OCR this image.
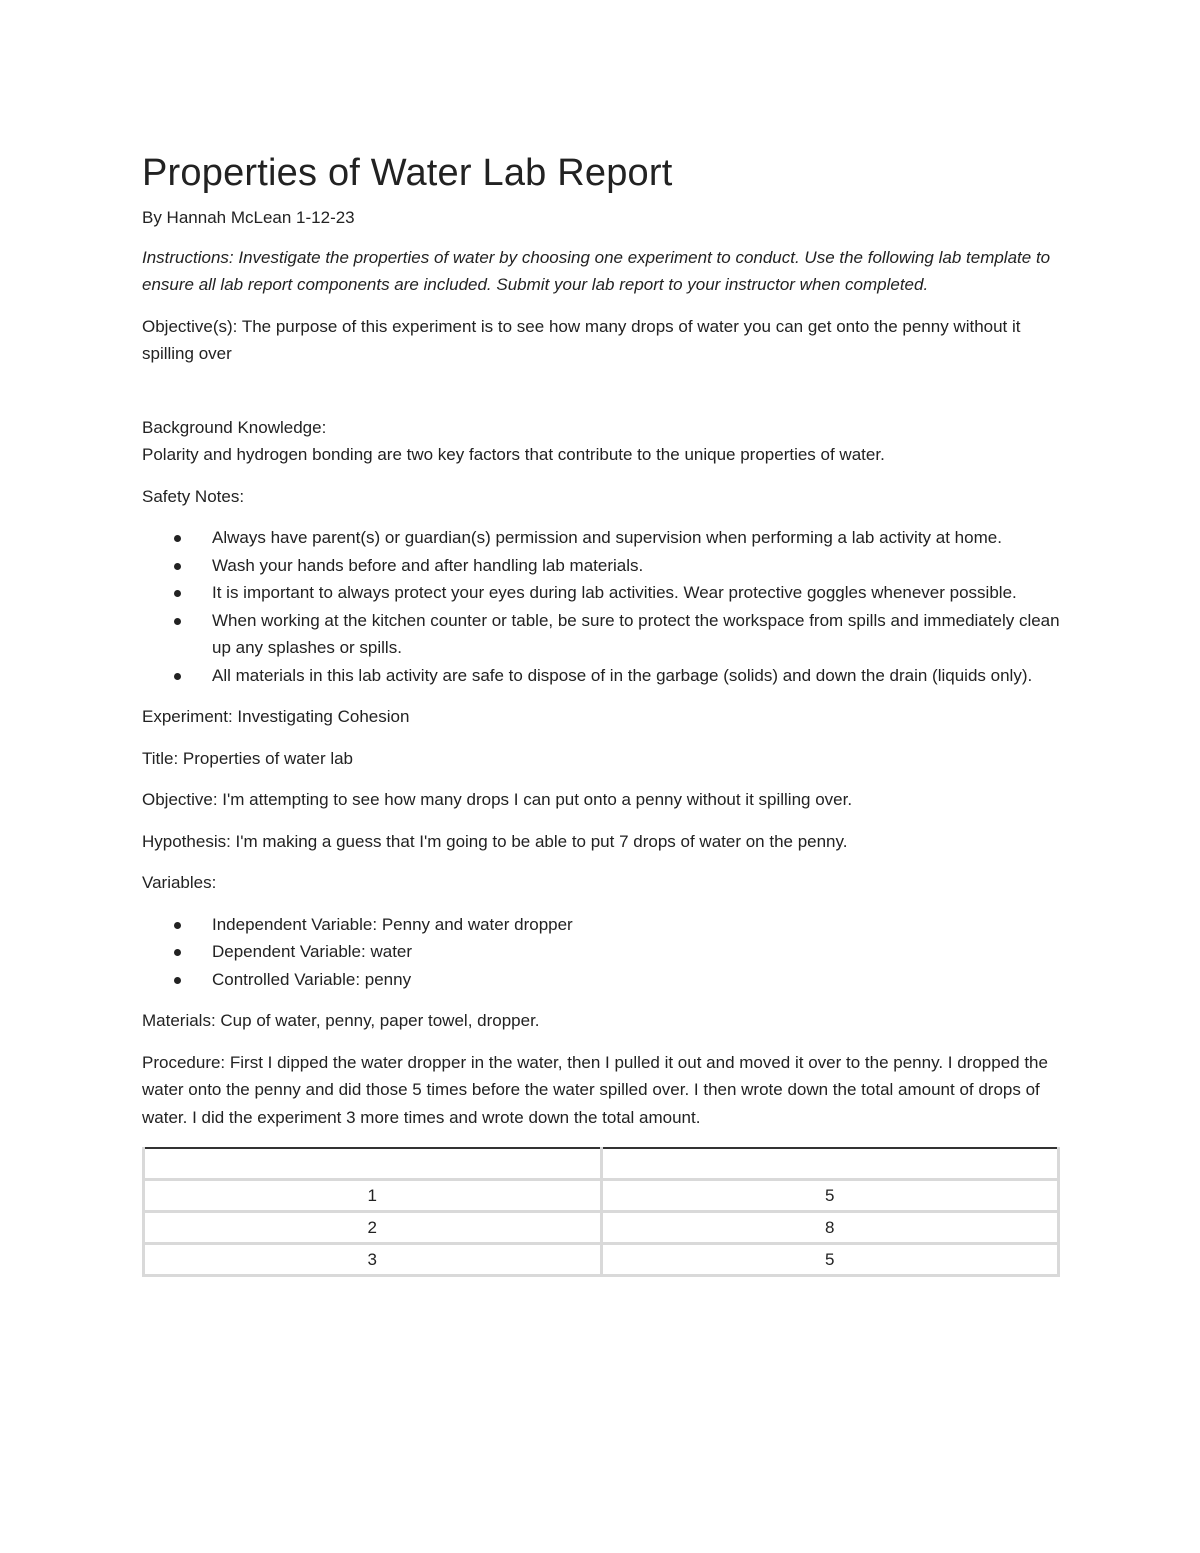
Properties of Water Lab Report

By Hannah McLean 1-12-23

Instructions: Investigate the properties of water by choosing one experiment to conduct. Use the following lab template to ensure all lab report components are included. Submit your lab report to your instructor when completed.

Objective(s): The purpose of this experiment is to see how many drops of water you can get onto the penny without it spilling over

Background Knowledge:
Polarity and hydrogen bonding are two key factors that contribute to the unique properties of water.

Safety Notes:

Always have parent(s) or guardian(s) permission and supervision when performing a lab activity at home.
Wash your hands before and after handling lab materials.
It is important to always protect your eyes during lab activities. Wear protective goggles whenever possible.
When working at the kitchen counter or table, be sure to protect the workspace from spills and immediately clean up any splashes or spills.
All materials in this lab activity are safe to dispose of in the garbage (solids) and down the drain (liquids only).

Experiment: Investigating Cohesion

Title: Properties of water lab

Objective: I'm attempting to see how many drops I can put onto a penny without it spilling over.

Hypothesis: I'm making a guess that I'm going to be able to put 7 drops of water on the penny.

Variables:

Independent Variable: Penny and water dropper
Dependent Variable: water
Controlled Variable: penny

Materials: Cup of water, penny, paper towel, dropper.

Procedure: First I dipped the water dropper in the water, then I pulled it out and moved it over to the penny. I dropped the water onto the penny and did those 5 times before the water spilled over. I then wrote down the total amount of drops of water. I did the experiment 3 more times and wrote down the total amount.

1	5
2	8
3	5
